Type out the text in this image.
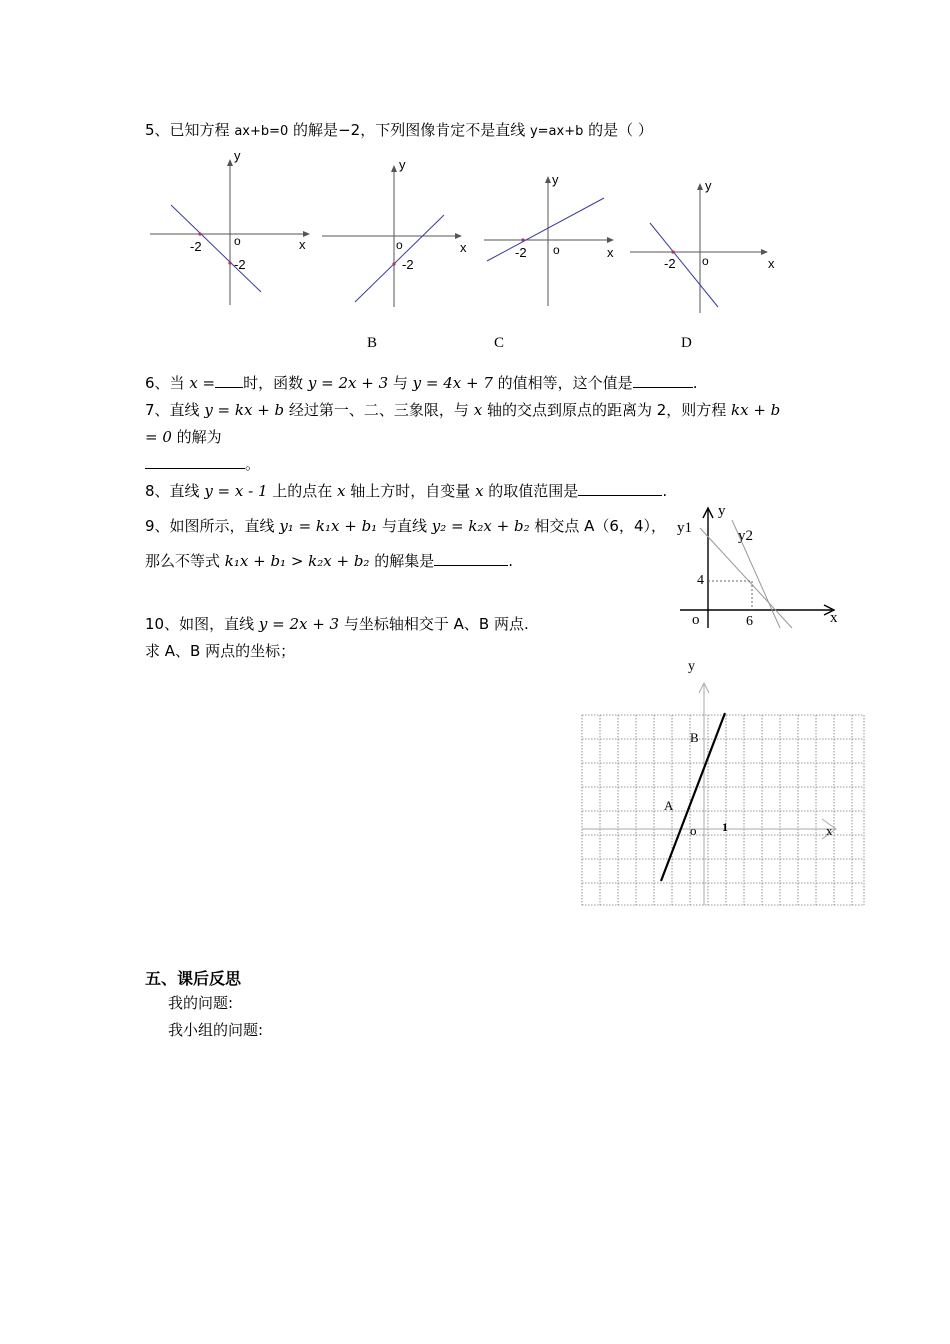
5、已知方程 ax+b=0 的解是−2，下列图像肯定不是直线 y=ax+b 的是（ ）
y
x
o
-2
-2
y
x
o
-2
y
x
o
-2
y
x
o
-2
B	C	D
6、当 x = 时，函数 y = 2x + 3 与 y = 4x + 7 的值相等，这个值是	.
7、直线 y = kx + b 经过第一、二、三象限，与 x 轴的交点到原点的距离为 2，则方程 kx + b
= 0 的解为
。
8、直线 y = x - 1 上的点在 x 轴上方时，自变量 x 的取值范围是	.
9、如图所示，直线 y₁ = k₁x + b₁ 与直线 y₂ = k₂x + b₂ 相交点 A（6，4），
那么不等式 k₁x + b₁ > k₂x + b₂ 的解集是	.
y1	y2
y
x
o
4
6
10、如图，直线 y = 2x + 3 与坐标轴相交于 A、B 两点.
求 A、B 两点的坐标；
y
x
o 1
A
B
五、课后反思
我的问题:
我小组的问题:
